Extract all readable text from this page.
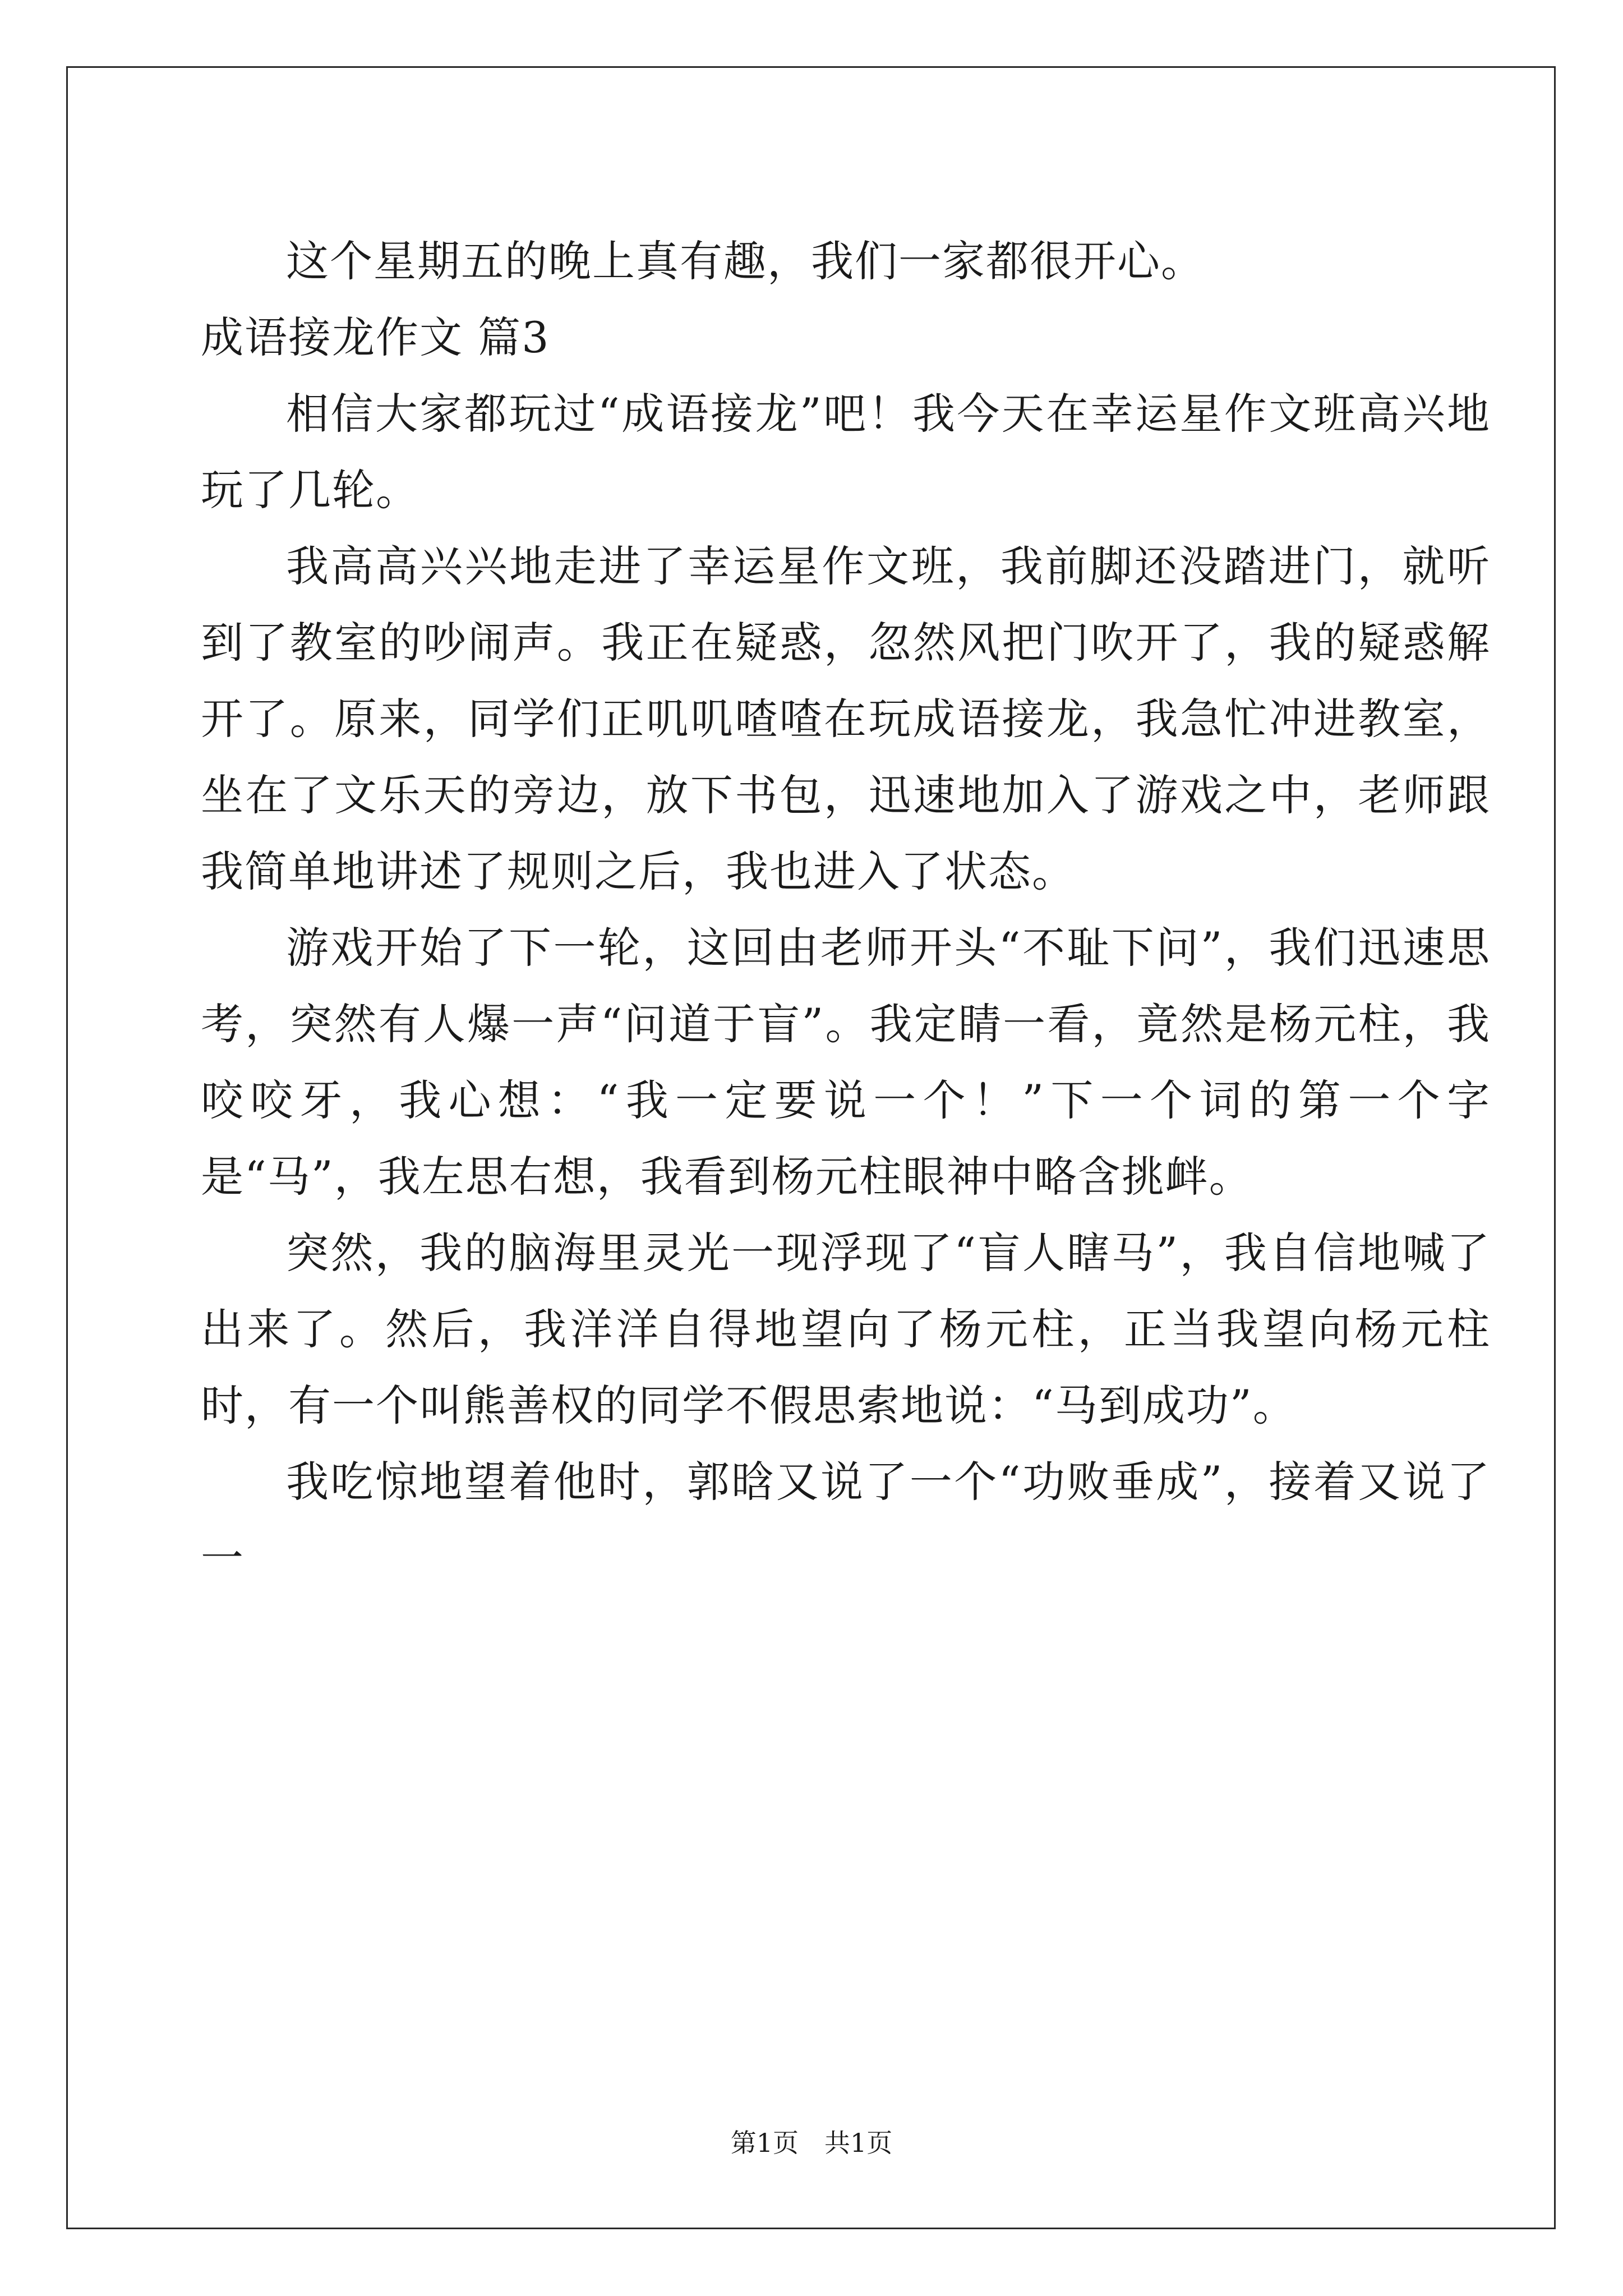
这个星期五的晚上真有趣，我们一家都很开心。

成语接龙作文 篇3

相信大家都玩过“成语接龙”吧！我今天在幸运星作文班高兴地玩了几轮。

我高高兴兴地走进了幸运星作文班，我前脚还没踏进门，就听到了教室的吵闹声。我正在疑惑，忽然风把门吹开了，我的疑惑解开了。原来，同学们正叽叽喳喳在玩成语接龙，我急忙冲进教室，坐在了文乐天的旁边，放下书包，迅速地加入了游戏之中，老师跟我简单地讲述了规则之后，我也进入了状态。

游戏开始了下一轮，这回由老师开头“不耻下问”，我们迅速思考，突然有人爆一声“问道于盲”。我定睛一看，竟然是杨元柱，我咬咬牙，我心想：“我一定要说一个！”下一个词的第一个字是“马”，我左思右想，我看到杨元柱眼神中略含挑衅。

突然，我的脑海里灵光一现浮现了“盲人瞎马”，我自信地喊了出来了。然后，我洋洋自得地望向了杨元柱，正当我望向杨元柱时，有一个叫熊善权的同学不假思索地说：“马到成功”。

我吃惊地望着他时，郭晗又说了一个“功败垂成”，接着又说了一

第1页　共1页
